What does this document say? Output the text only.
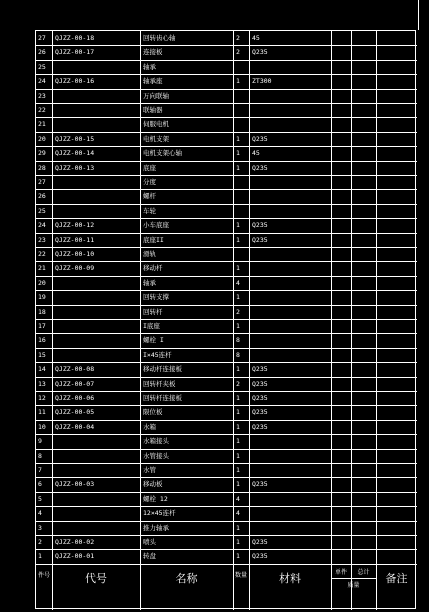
27 QJZZ-00-18	回转齿心轴	2 45
26 QJZZ-00-17	连接板	2 Q235
25	轴承
24 QJZZ-00-16	轴承座	1 ZT300
23	万向联轴
22	联轴器
21	伺服电机
20 QJZZ-00-15	电机支架	1 Q235
29 QJZZ-00-14	电机支架心轴	1 45
28 QJZZ-00-13	底座	1 Q235
27	分度
26	螺杆
25	车轮
24 QJZZ-00-12	小车底座	1 Q235
23 QJZZ-00-11	底座II	1 Q235
22 QJZZ-00-10	滑轨
21 QJZZ-00-09	移动杆	1
20	轴承	4
19	回转支撑	1
18	回转杆	2
17	I底座	1
16	螺栓 I	8
15	I×45连杆	8
14 QJZZ-00-08	移动杆连接板	1 Q235
13 QJZZ-00-07	回转杆夹板	2 Q235
12 QJZZ-00-06	回转杆连接板	1 Q235
11 QJZZ-00-05	限位板	1 Q235
10 QJZZ-00-04	水箱	1 Q235
9	水箱接头	1
8	水管接头	1
7	水管	1
6 QJZZ-00-03	移动板	1 Q235
5	螺栓 12	4
4	12×45连杆	4
3	推力轴承	1
2 QJZZ-00-02	喷头	1 Q235
1 QJZZ-00-01	转盘	1 Q235
件号	代号	名称	数量	材料	备注
单件	总计
质量
